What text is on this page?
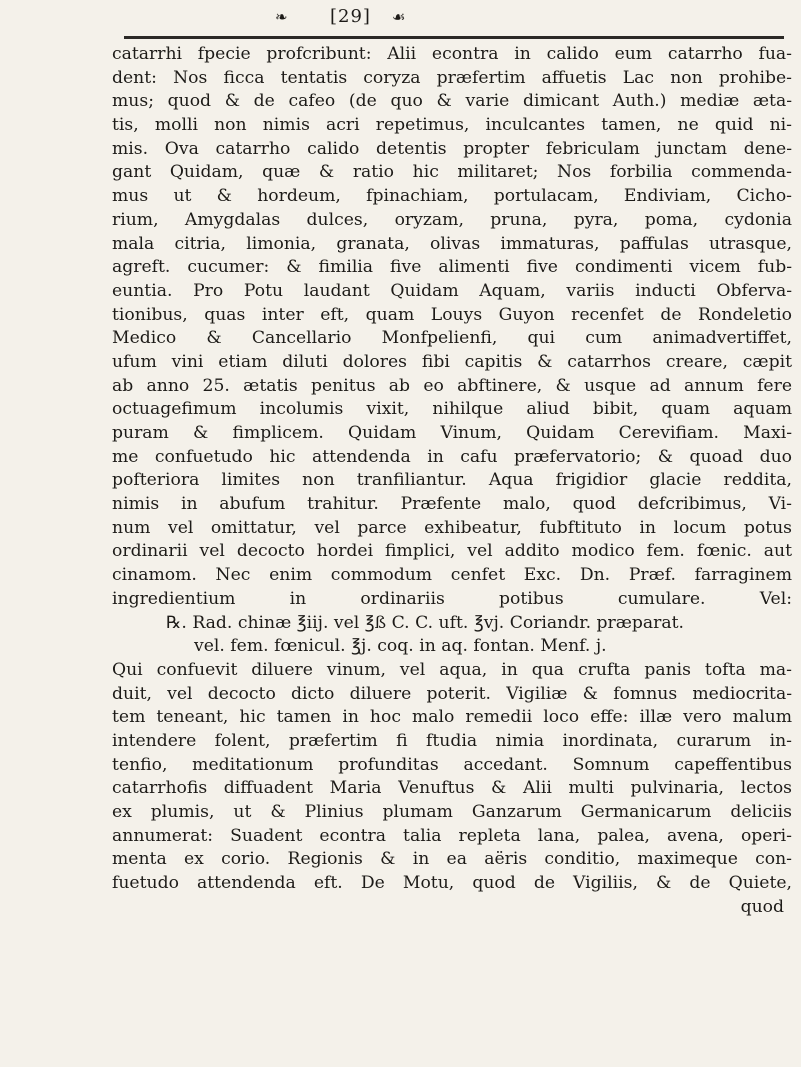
❧ [29] ☙
catarrhi fpecie profcribunt: Alii econtra in calido eum catarrho fua-
dent: Nos ficca tentatis coryza præfertim affuetis Lac non prohibe-
mus; quod & de cafeo (de quo & varie dimicant Auth.) mediæ æta-
tis, molli non nimis acri repetimus, inculcantes tamen, ne quid ni-
mis. Ova catarrho calido detentis propter febriculam junctam dene-
gant Quidam, quæ & ratio hic militaret; Nos forbilia commenda-
mus ut & hordeum, fpinachiam, portulacam, Endiviam, Cicho-
rium, Amygdalas dulces, oryzam, pruna, pyra, poma, cydonia
mala citria, limonia, granata, olivas immaturas, paffulas utrasque,
agreft. cucumer: & fimilia five alimenti five condimenti vicem fub-
euntia. Pro Potu laudant Quidam Aquam, variis inducti Obferva-
tionibus, quas inter eft, quam Louys Guyon recenfet de Rondeletio
Medico & Cancellario Monfpelienfi, qui cum animadvertiffet,
ufum vini etiam diluti dolores fibi capitis & catarrhos creare, cæpit
ab anno 25. ætatis penitus ab eo abftinere, & usque ad annum fere
octuagefimum incolumis vixit, nihilque aliud bibit, quam aquam
puram & fimplicem. Quidam Vinum, Quidam Cerevifiam. Maxi-
me confuetudo hic attendenda in cafu præfervatorio; & quoad duo
pofteriora limites non tranfiliantur. Aqua frigidior glacie reddita,
nimis in abufum trahitur. Præfente malo, quod defcribimus, Vi-
num vel omittatur, vel parce exhibeatur, fubftituto in locum potus
ordinarii vel decocto hordei fimplici, vel addito modico fem. fœnic. aut
cinamom. Nec enim commodum cenfet Exc. Dn. Præf. farraginem
ingredientium in ordinariis potibus cumulare. Vel:
℞. Rad. chinæ ℥iij. vel ℥ß C. C. uft. ℥vj. Coriandr. præparat.
vel. fem. fœnicul. ℥j. coq. in aq. fontan. Menf. j.
Qui confuevit diluere vinum, vel aqua, in qua crufta panis tofta ma-
duit, vel decocto dicto diluere poterit. Vigiliæ & fomnus mediocrita-
tem teneant, hic tamen in hoc malo remedii loco effe: illæ vero malum
intendere folent, præfertim fi ftudia nimia inordinata, curarum in-
tenfio, meditationum profunditas accedant. Somnum capeffentibus
catarrhofis diffuadent Maria Venuftus & Alii multi pulvinaria, lectos
ex plumis, ut & Plinius plumam Ganzarum Germanicarum deliciis
annumerat: Suadent econtra talia repleta lana, palea, avena, operi-
menta ex corio. Regionis & in ea aëris conditio, maximeque con-
fuetudo attendenda eft. De Motu, quod de Vigiliis, & de Quiete,
quod
